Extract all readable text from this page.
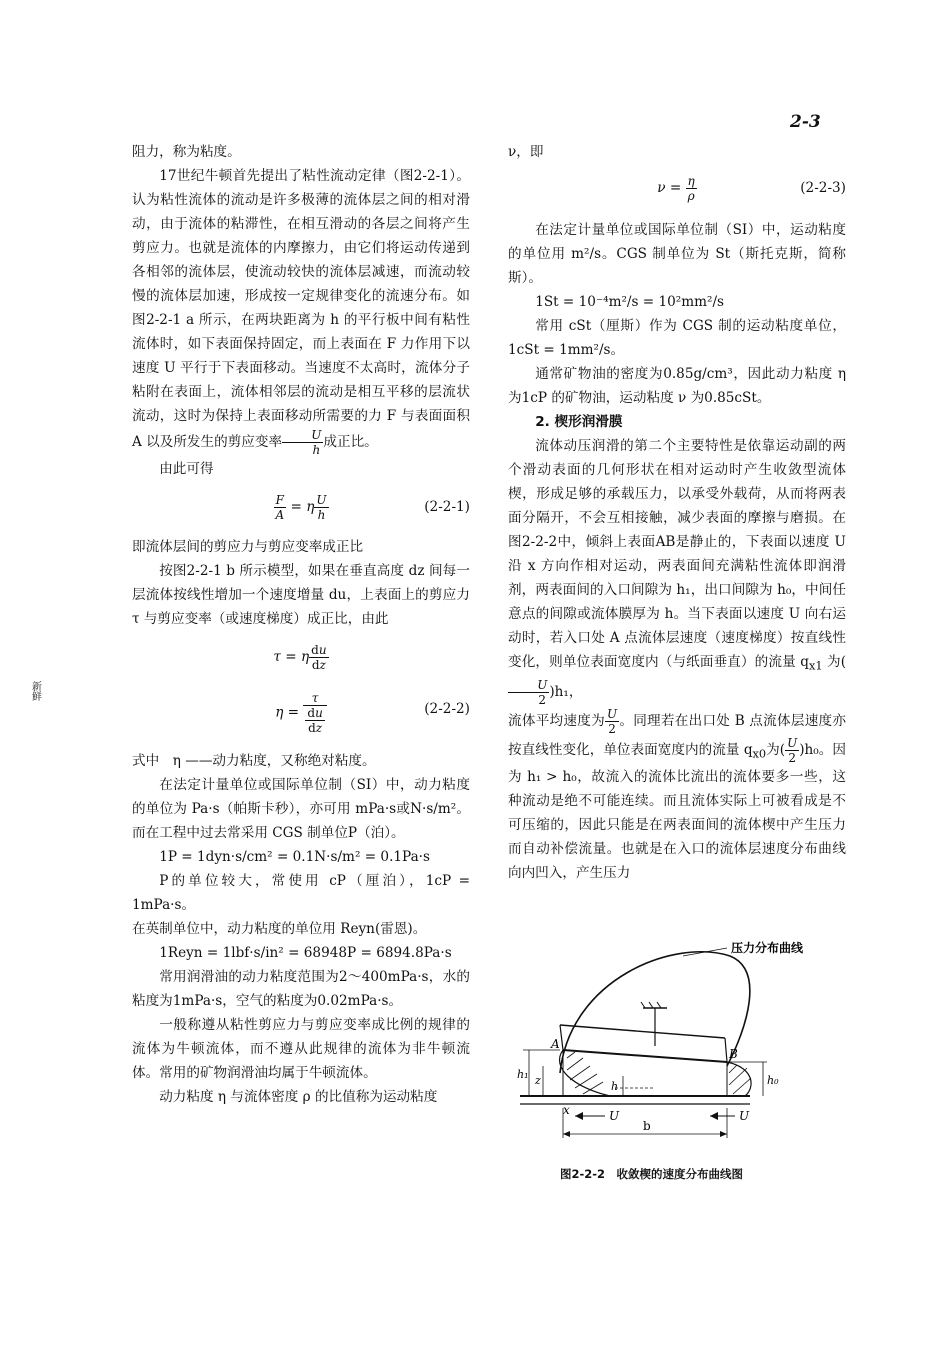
2-3
新鲜

阻力，称为粘度。

17世纪牛顿首先提出了粘性流动定律（图2-2-1）。认为粘性流体的流动是许多极薄的流体层之间的相对滑动，由于流体的粘滞性，在相互滑动的各层之间将产生剪应力。也就是流体的内摩擦力，由它们将运动传递到各相邻的流体层，使流动较快的流体层减速，而流动较慢的流体层加速，形成按一定规律变化的流速分布。如图2-2-1 a 所示，在两块距离为 h 的平行板中间有粘性流体时，如下表面保持固定，而上表面在 F 力作用下以速度 U 平行于下表面移动。当速度不太高时，流体分子粘附在表面上，流体相邻层的流动是相互平移的层流状流动，这时为保持上表面移动所需要的力 F 与表面面积 A 以及所发生的剪应变率 $\frac{U}{h}$ 成正比。

由此可得

$\frac{F}{A} = \eta \frac{U}{h}$	(2-2-1)

即流体层间的剪应力与剪应变率成正比

按图2-2-1 b 所示模型，如果在垂直高度 dz 间每一层流体按线性增加一个速度增量 du，上表面上的剪应力 τ 与剪应变率（或速度梯度）成正比，由此

τ = η $\frac{du}{dz}$
$\eta = \frac{\tau}{\frac{du}{dz}}$	(2-2-2)

式中　η ——动力粘度，又称绝对粘度。

在法定计量单位或国际单位制（SI）中，动力粘度的单位为 Pa·s（帕斯卡秒），亦可用 mPa·s或N·s/m²。而在工程中过去常采用 CGS 制单位P（泊）。

1P = 1dyn·s/cm² = 0.1N·s/m² = 0.1Pa·s

P的单位较大，常使用 cP（厘泊），1cP = 1mPa·s。

在英制单位中，动力粘度的单位用 Reyn(雷恩)。

1Reyn = 1lbf·s/in² = 68948P = 6894.8Pa·s

常用润滑油的动力粘度范围为2～400mPa·s，水的粘度为1mPa·s，空气的粘度为0.02mPa·s。

一般称遵从粘性剪应力与剪应变率成比例的规律的流体为牛顿流体，而不遵从此规律的流体为非牛顿流体。常用的矿物润滑油均属于牛顿流体。

动力粘度 η 与流体密度 ρ 的比值称为运动粘度

ν，即

$\nu = \frac{\eta}{\rho}$	(2-2-3)

在法定计量单位或国际单位制（SI）中，运动粘度的单位用 m²/s。CGS 制单位为 St（斯托克斯，简称斯）。

1St = 10⁻⁴m²/s = 10²mm²/s

常用 cSt（厘斯）作为 CGS 制的运动粘度单位，1cSt = 1mm²/s。

通常矿物油的密度为0.85g/cm³，因此动力粘度 η 为1cP 的矿物油，运动粘度 ν 为0.85cSt。

2. 楔形润滑膜

流体动压润滑的第二个主要特性是依靠运动副的两个滑动表面的几何形状在相对运动时产生收敛型流体楔，形成足够的承载压力，以承受外载荷，从而将两表面分隔开，不会互相接触，减少表面的摩擦与磨损。在图2-2-2中，倾斜上表面AB是静止的，下表面以速度 U 沿 x 方向作相对运动，两表面间充满粘性流体即润滑剂，两表面间的入口间隙为 h₁，出口间隙为 h₀，中间任意点的间隙或流体膜厚为 h。当下表面以速度 U 向右运动时，若入口处 A 点流体层速度（速度梯度）按直线性变化，则单位表面宽度内（与纸面垂直）的流量 $q_{x1}$ 为(
$\frac{U}{2} )h_1$，

流体平均速度为 $\frac{U}{2}$ 。同理若在出口处 B 点流体层速度亦按直线性变化，单位表面宽度内的流量 $q_{x0}$为( $\frac{U}{2} )h_0$。因为 h₁ > h₀，故流入的流体比流出的流体要多一些，这种流动是绝不可能连续。而且流体实际上可被看成是不可压缩的，因此只能是在两表面间的流体楔中产生压力而自动补偿流量。也就是在入口的流体层速度分布曲线向内凹入，产生压力

压力分布曲线
A
B
h₁ z	h	h₀
x	U	U
b
图2-2-2　收敛楔的速度分布曲线图
